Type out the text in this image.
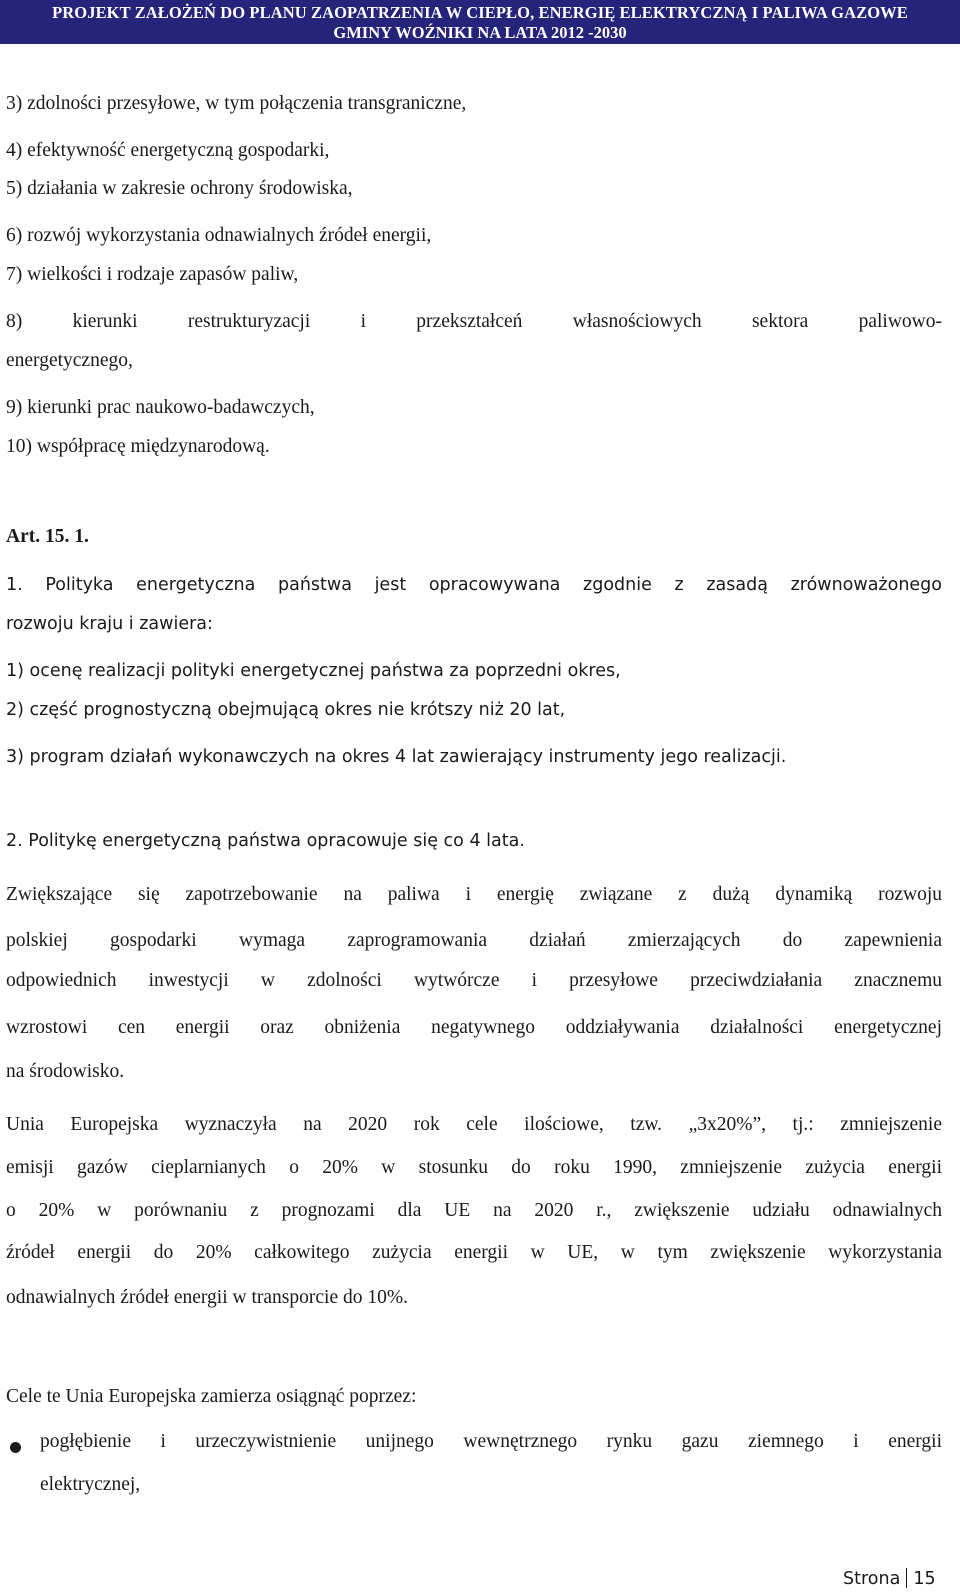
PROJEKT ZAŁOŻEŃ DO PLANU ZAOPATRZENIA W CIEPŁO, ENERGIĘ ELEKTRYCZNĄ I PALIWA GAZOWE
GMINY WOŹNIKI NA LATA 2012 -2030
3) zdolności przesyłowe, w tym połączenia transgraniczne,
4) efektywność energetyczną gospodarki,
5) działania w zakresie ochrony środowiska,
6) rozwój wykorzystania odnawialnych źródeł energii,
7) wielkości i rodzaje zapasów paliw,
8) kierunki restrukturyzacji i przekształceń własnościowych sektora paliwowo-
energetycznego,
9) kierunki prac naukowo-badawczych,
10) współpracę międzynarodową.
Art. 15. 1.
1. Polityka energetyczna państwa jest opracowywana zgodnie z zasadą zrównoważonego
rozwoju kraju i zawiera:
1) ocenę realizacji polityki energetycznej państwa za poprzedni okres,
2) część prognostyczną obejmującą okres nie krótszy niż 20 lat,
3) program działań wykonawczych na okres 4 lat zawierający instrumenty jego realizacji.
2. Politykę energetyczną państwa opracowuje się co 4 lata.
Zwiększające się zapotrzebowanie na paliwa i energię związane z dużą dynamiką rozwoju
polskiej gospodarki wymaga zaprogramowania działań zmierzających do zapewnienia
odpowiednich inwestycji w zdolności wytwórcze i przesyłowe przeciwdziałania znacznemu
wzrostowi cen energii oraz obniżenia negatywnego oddziaływania działalności energetycznej
na środowisko.
Unia Europejska wyznaczyła na 2020 rok cele ilościowe, tzw. „3x20%”, tj.: zmniejszenie
emisji gazów cieplarnianych o 20% w stosunku do roku 1990, zmniejszenie zużycia energii
o 20% w porównaniu z prognozami dla UE na 2020 r., zwiększenie udziału odnawialnych
źródeł energii do 20% całkowitego zużycia energii w UE, w tym zwiększenie wykorzystania
odnawialnych źródeł energii w transporcie do 10%.
Cele te Unia Europejska zamierza osiągnąć poprzez:
pogłębienie i urzeczywistnienie unijnego wewnętrznego rynku gazu ziemnego i energii
elektrycznej,
Strona 15
